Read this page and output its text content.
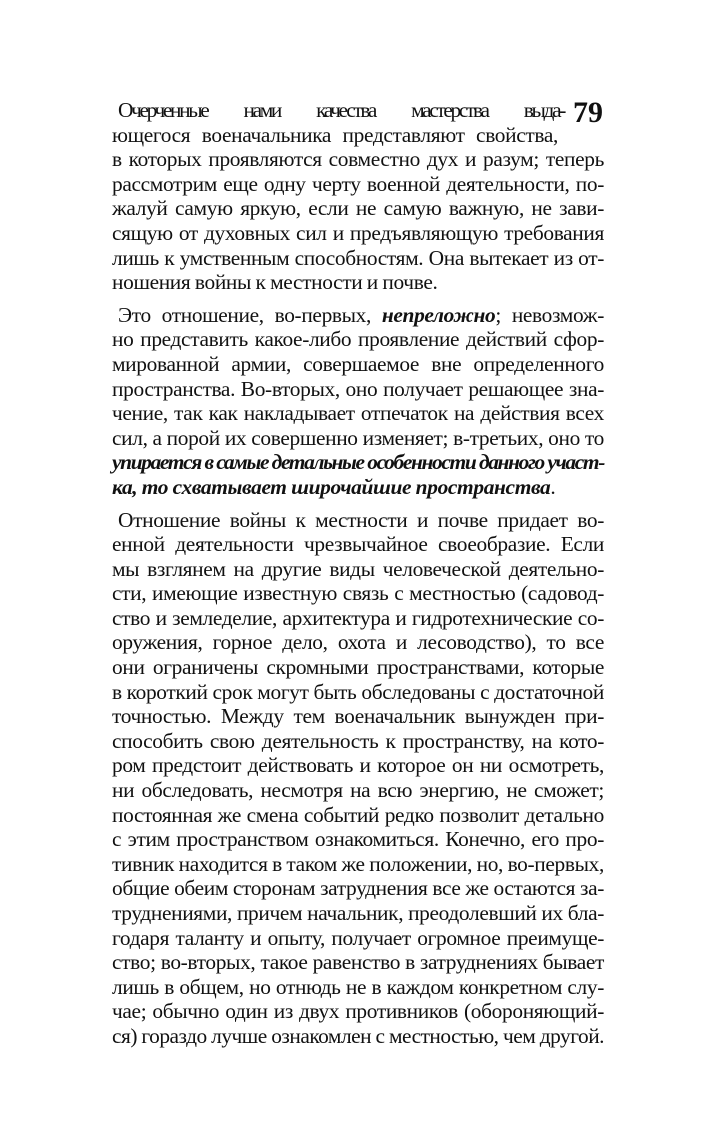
79
Очерченные нами качества мастерства выда-
ющегося военачальника представляют свойства,
в которых проявляются совместно дух и разум; теперь
рассмотрим еще одну черту военной деятельности, по-
жалуй самую яркую, если не самую важную, не зави-
сящую от духовных сил и предъявляющую требования
лишь к умственным способностям. Она вытекает из от-
ношения войны к местности и почве.
Это отношение, во-первых, непреложно; невозмож-
но представить какое-либо проявление действий сфор-
мированной армии, совершаемое вне определенного
пространства. Во-вторых, оно получает решающее зна-
чение, так как накладывает отпечаток на действия всех
сил, а порой их совершенно изменяет; в-третьих, оно то
упирается в самые детальные особенности данного участ-
ка, то схватывает широчайшие пространства.
Отношение войны к местности и почве придает во-
енной деятельности чрезвычайное своеобразие. Если
мы взглянем на другие виды человеческой деятельно-
сти, имеющие известную связь с местностью (садовод-
ство и земледелие, архитектура и гидротехнические со-
оружения, горное дело, охота и лесоводство), то все
они ограничены скромными пространствами, которые
в короткий срок могут быть обследованы с достаточной
точностью. Между тем военачальник вынужден при-
способить свою деятельность к пространству, на кото-
ром предстоит действовать и которое он ни осмотреть,
ни обследовать, несмотря на всю энергию, не сможет;
постоянная же смена событий редко позволит детально
с этим пространством ознакомиться. Конечно, его про-
тивник находится в таком же положении, но, во-первых,
общие обеим сторонам затруднения все же остаются за-
труднениями, причем начальник, преодолевший их бла-
годаря таланту и опыту, получает огромное преимуще-
ство; во-вторых, такое равенство в затруднениях бывает
лишь в общем, но отнюдь не в каждом конкретном слу-
чае; обычно один из двух противников (обороняющий-
ся) гораздо лучше ознакомлен с местностью, чем другой.
